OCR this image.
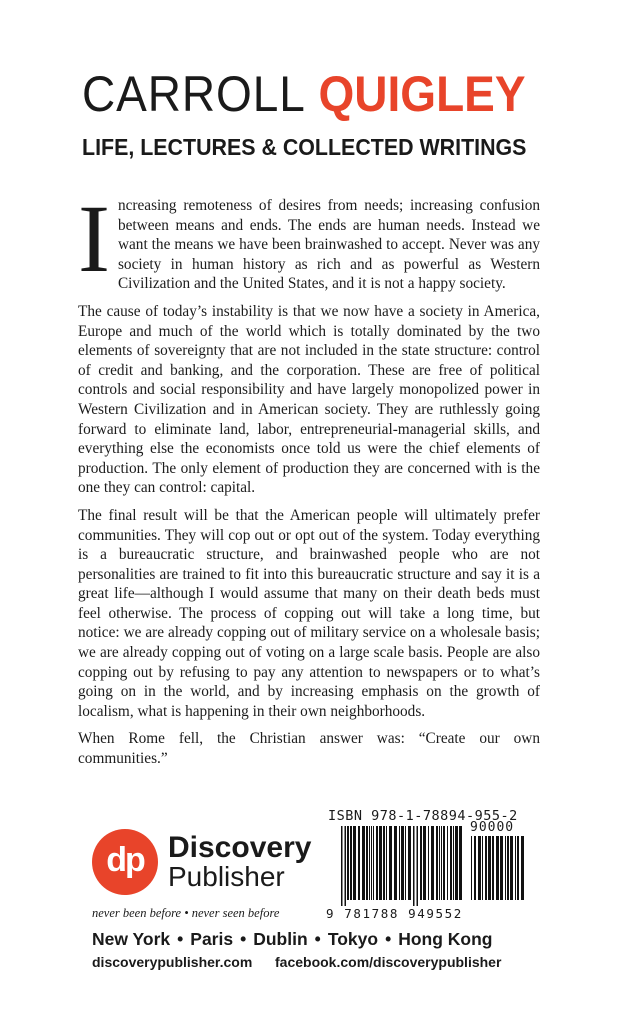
CARROLL QUIGLEY
LIFE, LECTURES & COLLECTED WRITINGS

Increasing remoteness of desires from needs; increasing confusion between means and ends. The ends are human needs. Instead we want the means we have been brainwashed to accept. Never was any society in human history as rich and as powerful as Western Civilization and the United States, and it is not a happy society.

The cause of today’s instability is that we now have a society in America, Europe and much of the world which is totally dominated by the two elements of sovereignty that are not included in the state structure: control of credit and banking, and the corporation. These are free of political controls and social responsibility and have largely monopolized power in Western Civilization and in American society. They are ruthlessly going forward to eliminate land, labor, entrepreneurial-managerial skills, and everything else the economists once told us were the chief elements of production. The only element of production they are concerned with is the one they can control: capital.

The final result will be that the American people will ultimately prefer communities. They will cop out or opt out of the system. Today everything is a bureaucratic structure, and brainwashed people who are not personalities are trained to fit into this bureaucratic structure and say it is a great life—although I would assume that many on their death beds must feel otherwise. The process of copping out will take a long time, but notice: we are already copping out of military service on a wholesale basis; we are already copping out of voting on a large scale basis. People are also copping out by refusing to pay any attention to newspapers or to what’s going on in the world, and by increasing emphasis on the growth of localism, what is happening in their own neighborhoods.

When Rome fell, the Christian answer was: “Create our own communities.”

dp Discovery
Publisher
never been before • never seen before
ISBN 978-1-78894-955-2
90000
9 781788 949552
New York • Paris • Dublin • Tokyo • Hong Kong
discoverypublisher.com facebook.com/discoverypublisher
